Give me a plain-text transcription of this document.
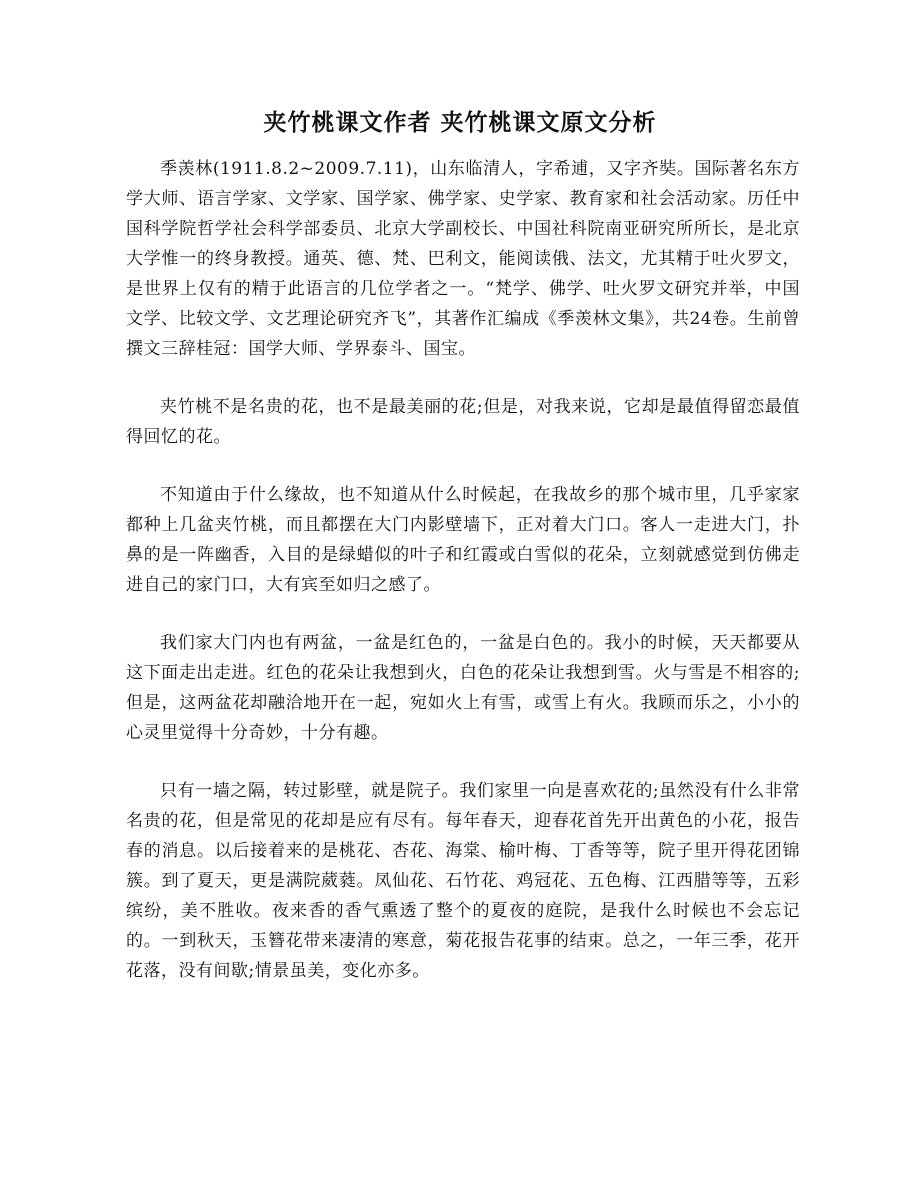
夹竹桃课文作者 夹竹桃课文原文分析

季羡林(1911.8.2~2009.7.11)，山东临清人，字希逋，又字齐奘。国际著名东方学大师、语言学家、文学家、国学家、佛学家、史学家、教育家和社会活动家。历任中国科学院哲学社会科学部委员、北京大学副校长、中国社科院南亚研究所所长，是北京大学惟一的终身教授。通英、德、梵、巴利文，能阅读俄、法文，尤其精于吐火罗文，是世界上仅有的精于此语言的几位学者之一。“梵学、佛学、吐火罗文研究并举，中国文学、比较文学、文艺理论研究齐飞”，其著作汇编成《季羡林文集》，共24卷。生前曾撰文三辞桂冠：国学大师、学界泰斗、国宝。

夹竹桃不是名贵的花，也不是最美丽的花;但是，对我来说，它却是最值得留恋最值得回忆的花。

不知道由于什么缘故，也不知道从什么时候起，在我故乡的那个城市里，几乎家家都种上几盆夹竹桃，而且都摆在大门内影壁墙下，正对着大门口。客人一走进大门，扑鼻的是一阵幽香，入目的是绿蜡似的叶子和红霞或白雪似的花朵，立刻就感觉到仿佛走进自己的家门口，大有宾至如归之感了。

我们家大门内也有两盆，一盆是红色的，一盆是白色的。我小的时候，天天都要从这下面走出走进。红色的花朵让我想到火，白色的花朵让我想到雪。火与雪是不相容的;但是，这两盆花却融洽地开在一起，宛如火上有雪，或雪上有火。我顾而乐之，小小的心灵里觉得十分奇妙，十分有趣。

只有一墙之隔，转过影壁，就是院子。我们家里一向是喜欢花的;虽然没有什么非常名贵的花，但是常见的花却是应有尽有。每年春天，迎春花首先开出黄色的小花，报告春的消息。以后接着来的是桃花、杏花、海棠、榆叶梅、丁香等等，院子里开得花团锦簇。到了夏天，更是满院葳蕤。凤仙花、石竹花、鸡冠花、五色梅、江西腊等等，五彩缤纷，美不胜收。夜来香的香气熏透了整个的夏夜的庭院，是我什么时候也不会忘记的。一到秋天，玉簪花带来凄清的寒意，菊花报告花事的结束。总之，一年三季，花开花落，没有间歇;情景虽美，变化亦多。
